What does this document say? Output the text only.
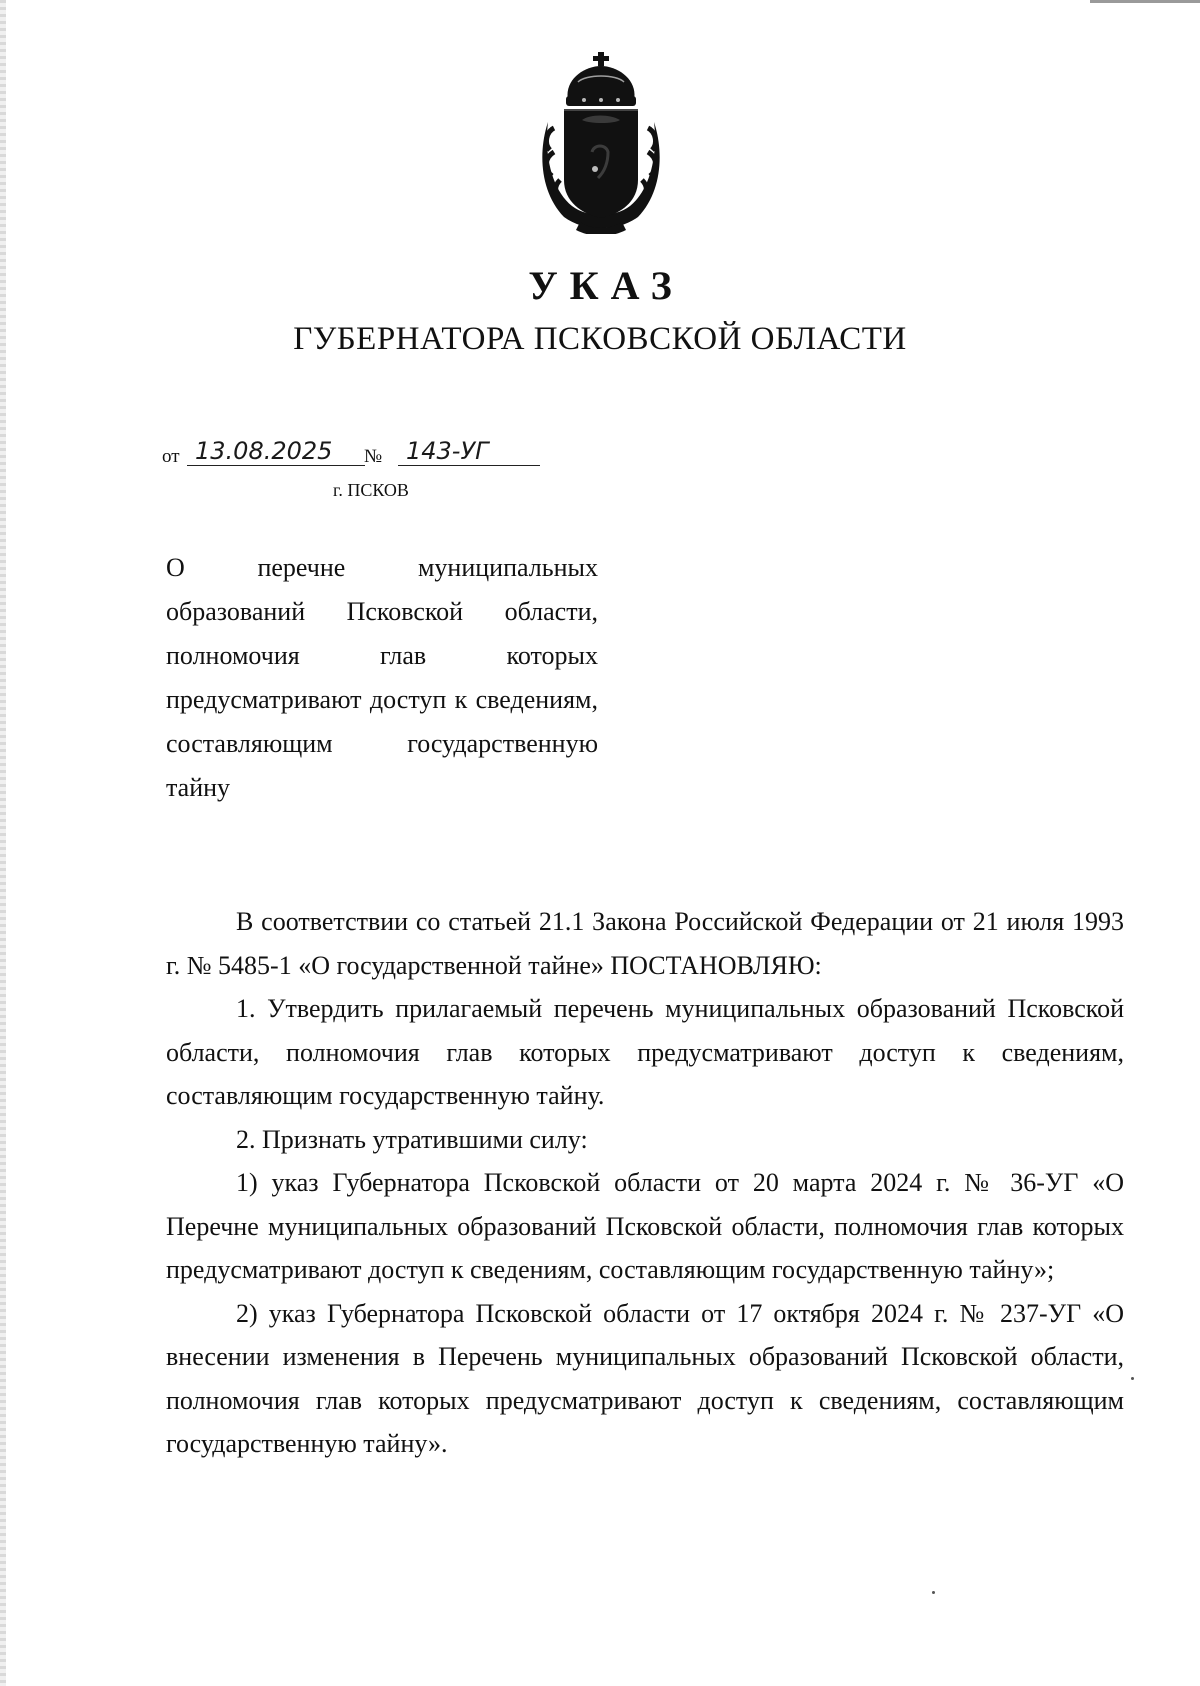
УКАЗ
ГУБЕРНАТОРА ПСКОВСКОЙ ОБЛАСТИ
от 13.08.2025	№ 143-УГ
г. ПСКОВ
О перечне муниципальных образований Псковской области, полномочия глав которых предусматривают доступ к сведениям, составляющим государственную тайну

В соответствии со статьей 21.1 Закона Российской Федерации от 21 июля 1993 г. № 5485-1 «О государственной тайне» ПОСТАНОВЛЯЮ:

1. Утвердить прилагаемый перечень муниципальных образований Псковской области, полномочия глав которых предусматривают доступ к сведениям, составляющим государственную тайну.

2. Признать утратившими силу:

1) указ Губернатора Псковской области от 20 марта 2024 г. № 36-УГ «О Перечне муниципальных образований Псковской области, полномочия глав которых предусматривают доступ к сведениям, составляющим государственную тайну»;

2) указ Губернатора Псковской области от 17 октября 2024 г. № 237-УГ «О внесении изменения в Перечень муниципальных образований Псковской области, полномочия глав которых предусматривают доступ к сведениям, составляющим государственную тайну».
